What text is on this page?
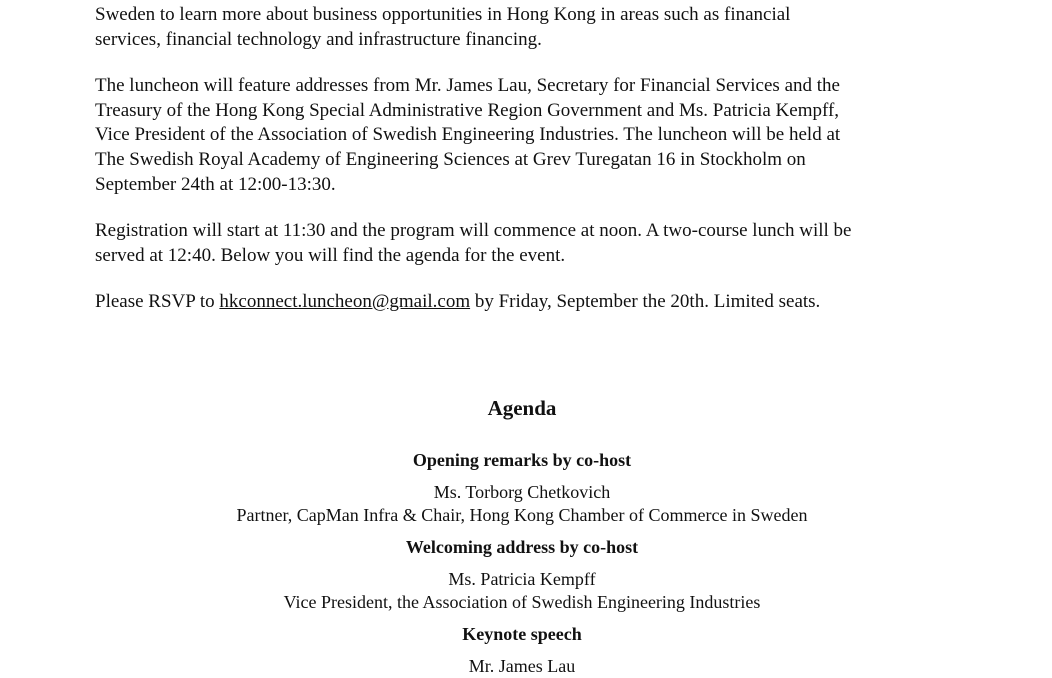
Sweden to learn more about business opportunities in Hong Kong in areas such as financial
services, financial technology and infrastructure financing.
The luncheon will feature addresses from Mr. James Lau, Secretary for Financial Services and the
Treasury of the Hong Kong Special Administrative Region Government and Ms. Patricia Kempff,
Vice President of the Association of Swedish Engineering Industries. The luncheon will be held at
The Swedish Royal Academy of Engineering Sciences at Grev Turegatan 16 in Stockholm on
September 24th at 12:00-13:30.
Registration will start at 11:30 and the program will commence at noon. A two-course lunch will be
served at 12:40. Below you will find the agenda for the event.
Please RSVP to hkconnect.luncheon@gmail.com by Friday, September the 20th. Limited seats.
Agenda
Opening remarks by co-host
Ms. Torborg Chetkovich
Partner, CapMan Infra & Chair, Hong Kong Chamber of Commerce in Sweden
Welcoming address by co-host
Ms. Patricia Kempff
Vice President, the Association of Swedish Engineering Industries
Keynote speech
Mr. James Lau
